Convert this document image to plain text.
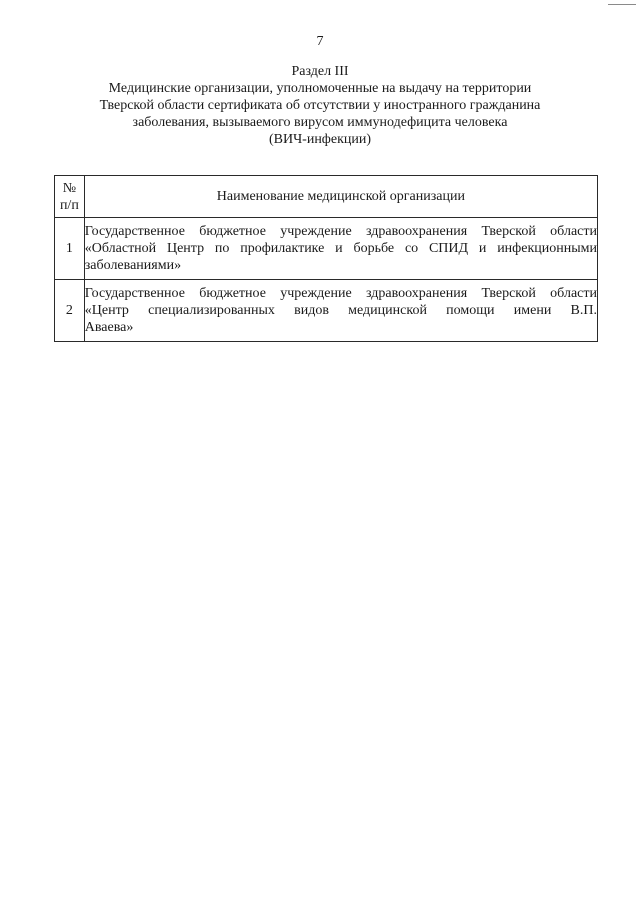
7
Раздел III
Медицинские организации, уполномоченные на выдачу на территории
Тверской области сертификата об отсутствии у иностранного гражданина
заболевания, вызываемого вирусом иммунодефицита человека
(ВИЧ-инфекции)
№
п/п	Наименование медицинской организации
1	Государственное бюджетное учреждение здравоохранения Тверской области
«Областной Центр по профилактике и борьбе со СПИД и инфекционными
заболеваниями»

2	Государственное бюджетное учреждение здравоохранения Тверской области
«Центр специализированных видов медицинской помощи имени В.П.
Аваева»
